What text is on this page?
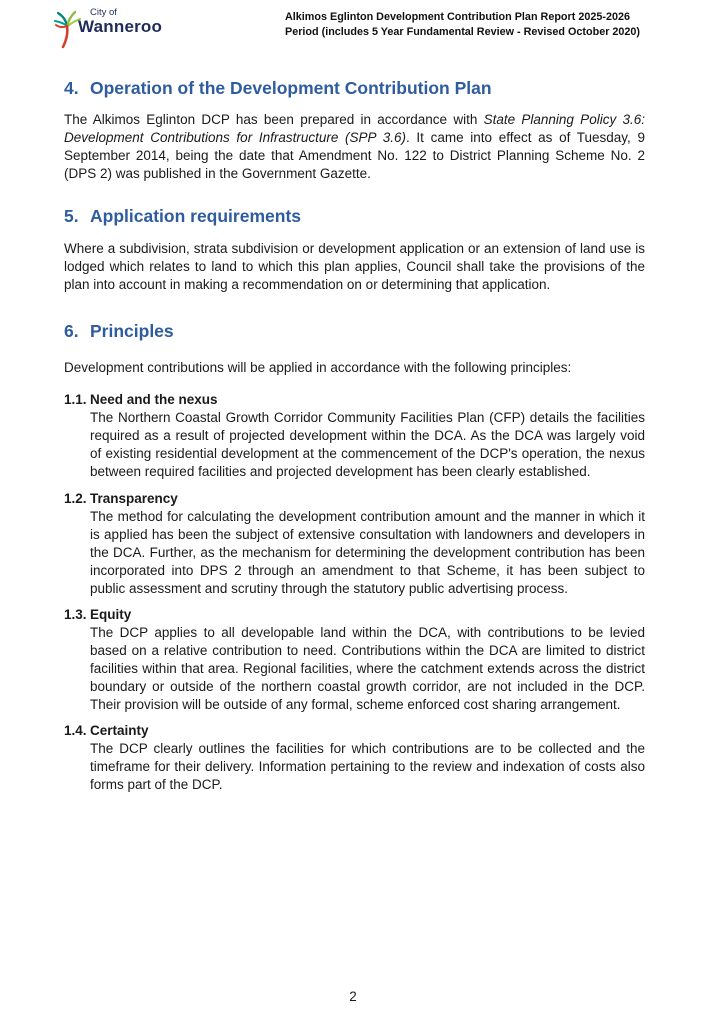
City of
Wanneroo	Alkimos Eglinton Development Contribution Plan Report 2025-2026
Period (includes 5 Year Fundamental Review - Revised October 2020)
4. Operation of the Development Contribution Plan

The Alkimos Eglinton DCP has been prepared in accordance with State Planning Policy 3.6: Development Contributions for Infrastructure (SPP 3.6). It came into effect as of Tuesday, 9 September 2014, being the date that Amendment No. 122 to District Planning Scheme No. 2 (DPS 2) was published in the Government Gazette.

5. Application requirements

Where a subdivision, strata subdivision or development application or an extension of land use is lodged which relates to land to which this plan applies, Council shall take the provisions of the plan into account in making a recommendation on or determining that application.

6. Principles

Development contributions will be applied in accordance with the following principles:

1.1. Need and the nexus

The Northern Coastal Growth Corridor Community Facilities Plan (CFP) details the facilities required as a result of projected development within the DCA. As the DCA was largely void of existing residential development at the commencement of the DCP's operation, the nexus between required facilities and projected development has been clearly established.

1.2. Transparency

The method for calculating the development contribution amount and the manner in which it is applied has been the subject of extensive consultation with landowners and developers in the DCA. Further, as the mechanism for determining the development contribution has been incorporated into DPS 2 through an amendment to that Scheme, it has been subject to public assessment and scrutiny through the statutory public advertising process.

1.3. Equity

The DCP applies to all developable land within the DCA, with contributions to be levied based on a relative contribution to need. Contributions within the DCA are limited to district facilities within that area. Regional facilities, where the catchment extends across the district boundary or outside of the northern coastal growth corridor, are not included in the DCP. Their provision will be outside of any formal, scheme enforced cost sharing arrangement.

1.4. Certainty

The DCP clearly outlines the facilities for which contributions are to be collected and the timeframe for their delivery. Information pertaining to the review and indexation of costs also forms part of the DCP.

2
